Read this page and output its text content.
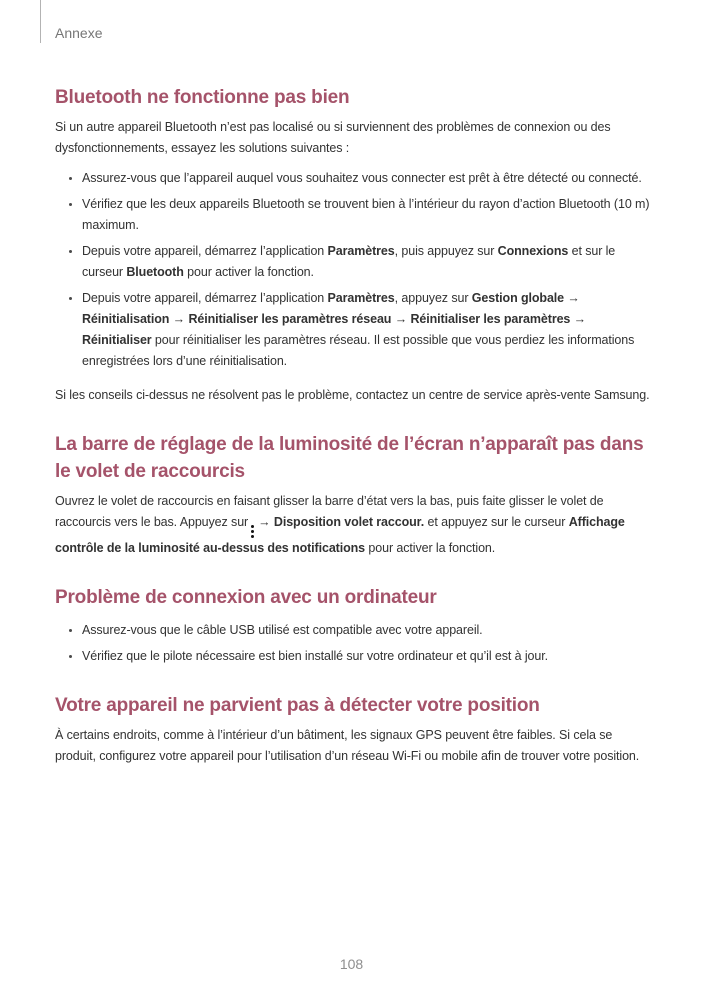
Annexe
Bluetooth ne fonctionne pas bien

Si un autre appareil Bluetooth n’est pas localisé ou si surviennent des problèmes de connexion ou des dysfonctionnements, essayez les solutions suivantes :

Assurez-vous que l’appareil auquel vous souhaitez vous connecter est prêt à être détecté ou connecté.
Vérifiez que les deux appareils Bluetooth se trouvent bien à l’intérieur du rayon d’action Bluetooth (10 m) maximum.
Depuis votre appareil, démarrez l’application Paramètres, puis appuyez sur Connexions et sur le curseur Bluetooth pour activer la fonction.
Depuis votre appareil, démarrez l’application Paramètres, appuyez sur Gestion globale → Réinitialisation → Réinitialiser les paramètres réseau → Réinitialiser les paramètres → Réinitialiser pour réinitialiser les paramètres réseau. Il est possible que vous perdiez les informations enregistrées lors d’une réinitialisation.

Si les conseils ci-dessus ne résolvent pas le problème, contactez un centre de service après-vente Samsung.

La barre de réglage de la luminosité de l’écran n’apparaît pas dans le volet de raccourcis

Ouvrez le volet de raccourcis en faisant glisser la barre d’état vers la bas, puis faite glisser le volet de raccourcis vers le bas. Appuyez sur → Disposition volet raccour. et appuyez sur le curseur Affichage contrôle de la luminosité au-dessus des notifications pour activer la fonction.

Problème de connexion avec un ordinateur
Assurez-vous que le câble USB utilisé est compatible avec votre appareil.
Vérifiez que le pilote nécessaire est bien installé sur votre ordinateur et qu’il est à jour.
Votre appareil ne parvient pas à détecter votre position

À certains endroits, comme à l’intérieur d’un bâtiment, les signaux GPS peuvent être faibles. Si cela se produit, configurez votre appareil pour l’utilisation d’un réseau Wi-Fi ou mobile afin de trouver votre position.

108
